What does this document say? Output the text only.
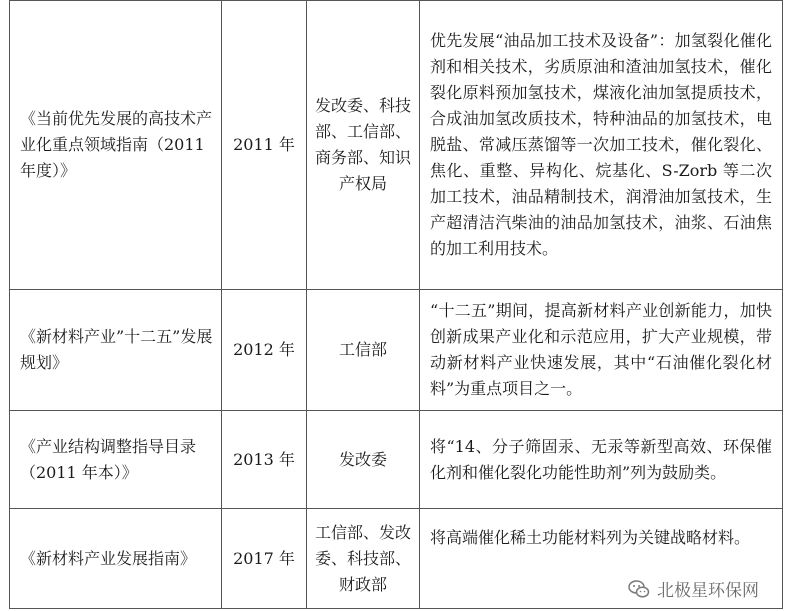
《当前优先发展的高技术产业化重点领域指南（2011 年度）》	2011 年	发改委、科技部、工信部、商务部、知识产权局	优先发展“油品加工技术及设备”：加氢裂化催化剂和相关技术，劣质原油和渣油加氢技术，催化裂化原料预加氢技术，煤液化油加氢提质技术，合成油加氢改质技术，特种油品的加氢技术，电脱盐、常减压蒸馏等一次加工技术，催化裂化、焦化、重整、异构化、烷基化、S-Zorb 等二次加工技术，油品精制技术，润滑油加氢技术，生产超清洁汽柴油的油品加氢技术，油浆、石油焦的加工利用技术。
《新材料产业”十二五”发展规划》	2012 年	工信部	“十二五”期间，提高新材料产业创新能力，加快创新成果产业化和示范应用，扩大产业规模，带动新材料产业快速发展，其中“石油催化裂化材料”为重点项目之一。
《产业结构调整指导目录（2011 年本）》	2013 年	发改委	将“14、分子筛固汞、无汞等新型高效、环保催化剂和催化裂化功能性助剂”列为鼓励类。
《新材料产业发展指南》	2017 年	工信部、发改委、科技部、财政部	将高端催化稀土功能材料列为关键战略材料。
北极星环保网
